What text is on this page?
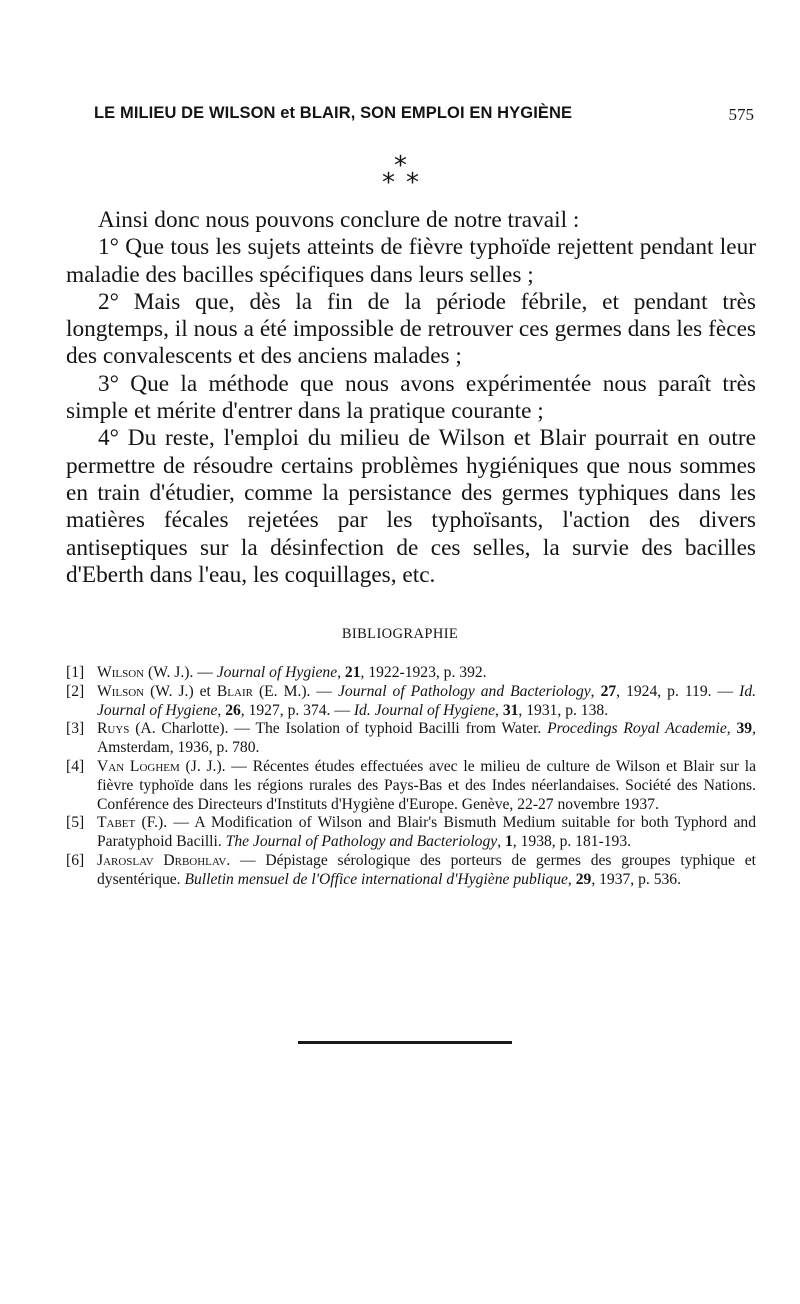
LE MILIEU DE WILSON et BLAIR, SON EMPLOI EN HYGIÈNE	575
*
* *

Ainsi donc nous pouvons conclure de notre travail :

1° Que tous les sujets atteints de fièvre typhoïde rejettent pendant leur maladie des bacilles spécifiques dans leurs selles ;

2° Mais que, dès la fin de la période fébrile, et pendant très longtemps, il nous a été impossible de retrouver ces germes dans les fèces des convalescents et des anciens malades ;

3° Que la méthode que nous avons expérimentée nous paraît très simple et mérite d'entrer dans la pratique courante ;

4° Du reste, l'emploi du milieu de Wilson et Blair pourrait en outre permettre de résoudre certains problèmes hygiéniques que nous sommes en train d'étudier, comme la persistance des germes typhiques dans les matières fécales rejetées par les typhoïsants, l'action des divers antiseptiques sur la désinfection de ces selles, la survie des bacilles d'Eberth dans l'eau, les coquillages, etc.

BIBLIOGRAPHIE
[1] Wilson (W. J.). — Journal of Hygiene, 21, 1922-1923, p. 392.
[2] Wilson (W. J.) et Blair (E. M.). — Journal of Pathology and Bacteriology, 27, 1924, p. 119. — Id. Journal of Hygiene, 26, 1927, p. 374. — Id. Journal of Hygiene, 31, 1931, p. 138.
[3] Ruys (A. Charlotte). — The Isolation of typhoid Bacilli from Water. Procedings Royal Academie, 39, Amsterdam, 1936, p. 780.
[4] Van Loghem (J. J.). — Récentes études effectuées avec le milieu de culture de Wilson et Blair sur la fièvre typhoïde dans les régions rurales des Pays-Bas et des Indes néerlandaises. Société des Nations. Conférence des Directeurs d'Instituts d'Hygiène d'Europe. Genève, 22-27 novembre 1937.
[5] Tabet (F.). — A Modification of Wilson and Blair's Bismuth Medium suitable for both Typhord and Paratyphoid Bacilli. The Journal of Pathology and Bacteriology, 1, 1938, p. 181-193.
[6] Jaroslav Drbohlav. — Dépistage sérologique des porteurs de germes des groupes typhique et dysentérique. Bulletin mensuel de l'Office international d'Hygiène publique, 29, 1937, p. 536.
